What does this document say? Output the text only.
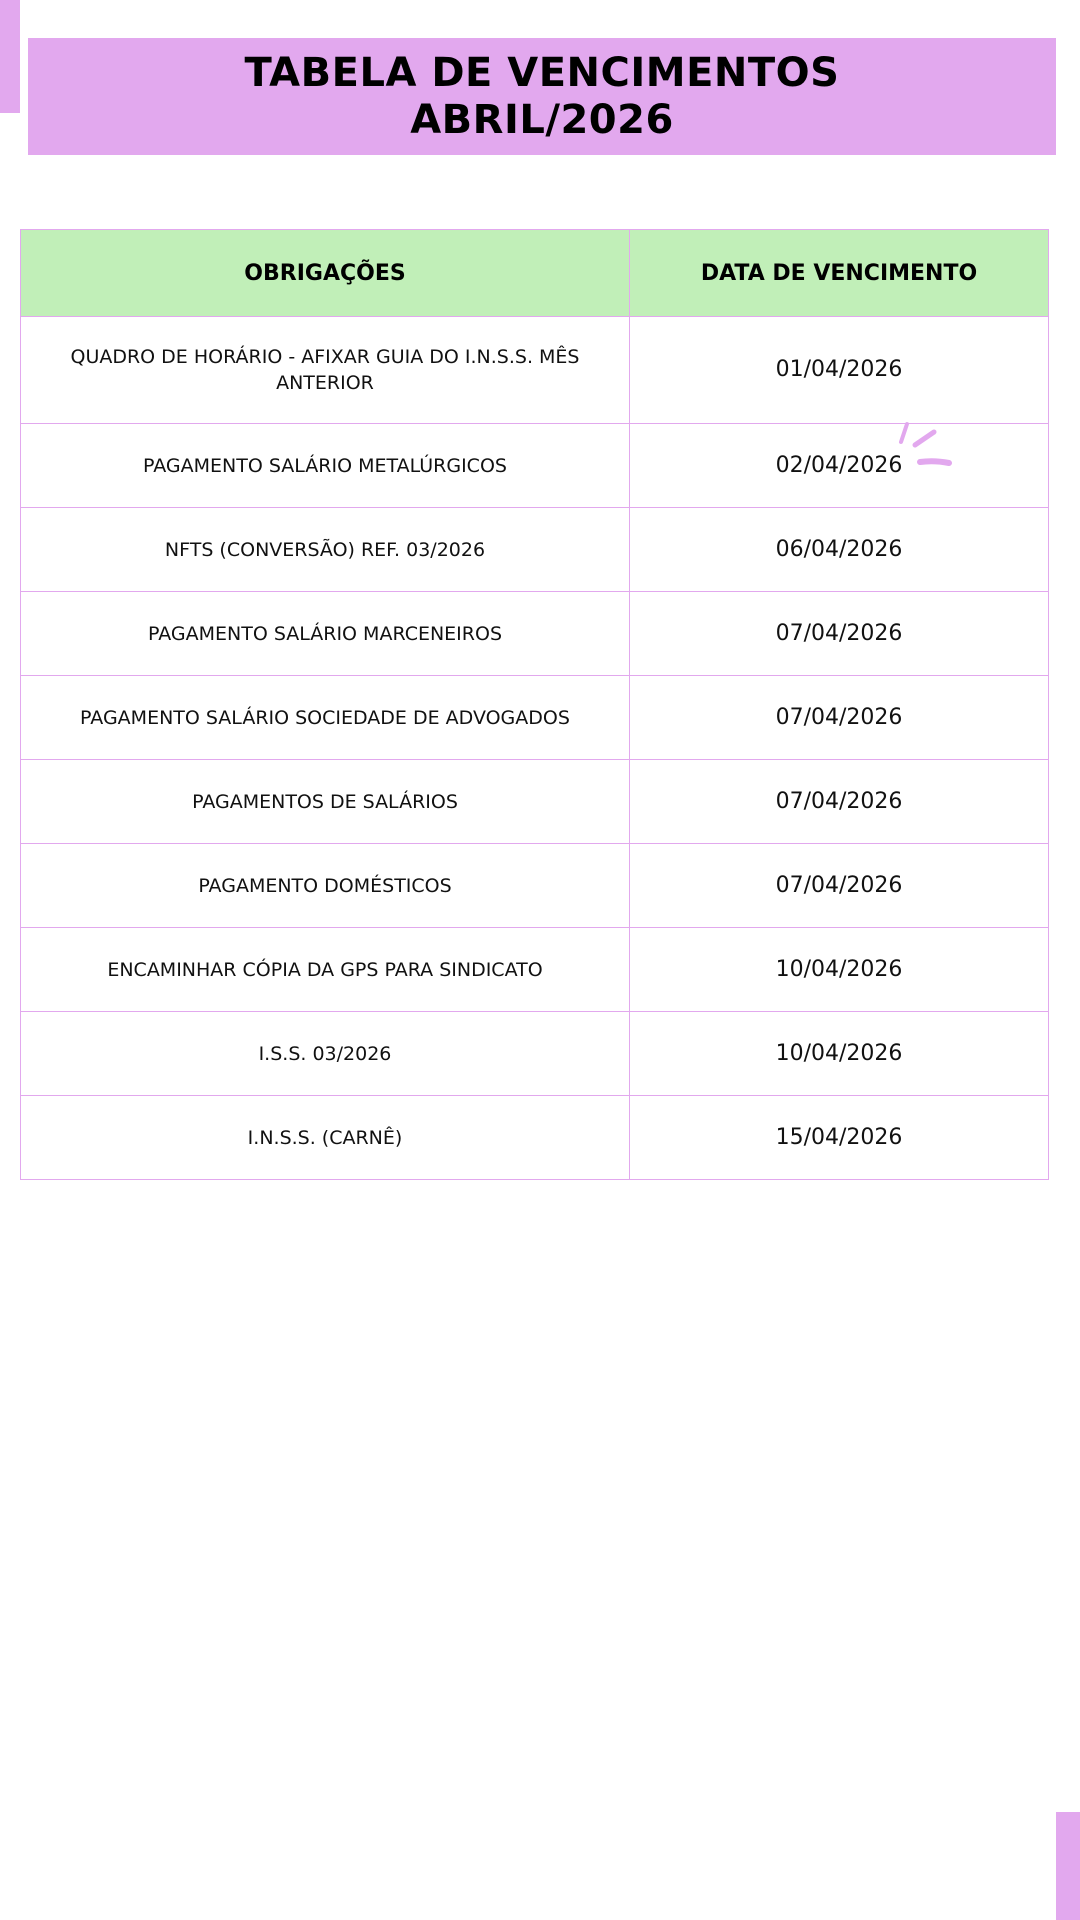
TABELA DE VENCIMENTOS
ABRIL/2026
OBRIGAÇÕES	DATA DE VENCIMENTO
QUADRO DE HORÁRIO - AFIXAR GUIA DO I.N.S.S. MÊS ANTERIOR	01/04/2026
PAGAMENTO SALÁRIO METALÚRGICOS	02/04/2026
NFTS (CONVERSÃO) REF. 03/2026	06/04/2026
PAGAMENTO SALÁRIO MARCENEIROS	07/04/2026
PAGAMENTO SALÁRIO SOCIEDADE DE ADVOGADOS	07/04/2026
PAGAMENTOS DE SALÁRIOS	07/04/2026
PAGAMENTO DOMÉSTICOS	07/04/2026
ENCAMINHAR CÓPIA DA GPS PARA SINDICATO	10/04/2026
I.S.S. 03/2026	10/04/2026
I.N.S.S. (CARNÊ)	15/04/2026
